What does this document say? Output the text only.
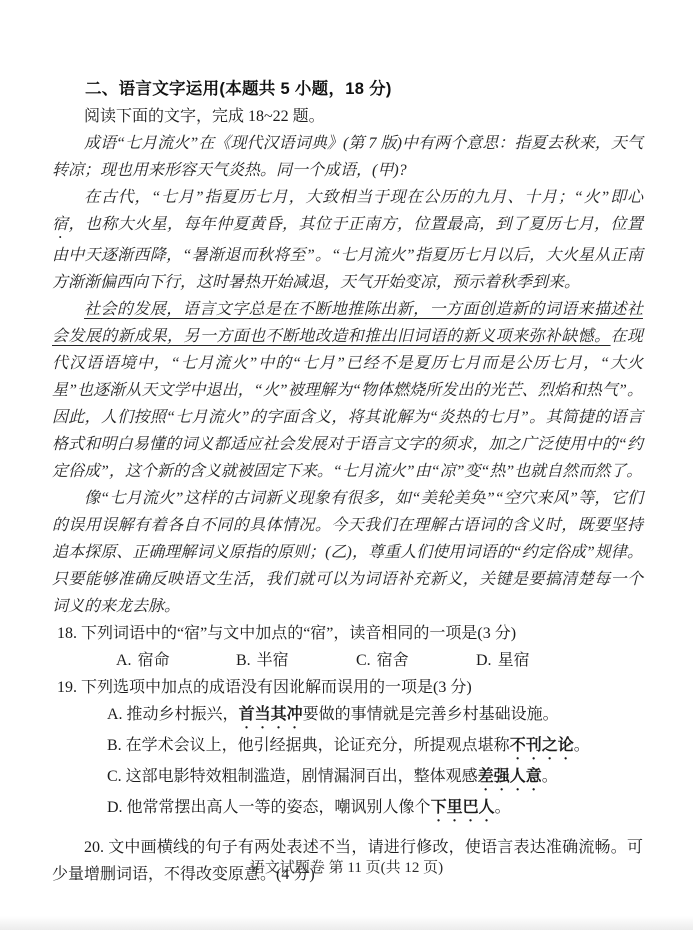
二、语言文字运用(本题共 5 小题，18 分)

阅读下面的文字，完成 18~22 题。

成语“七月流火”在《现代汉语词典》(第 7 版)中有两个意思：指夏去秋来，天气转凉；现也用来形容天气炎热。同一个成语，(甲)?

在古代，“七月”指夏历七月，大致相当于现在公历的九月、十月；“火”即心宿，也称大火星，每年仲夏黄昏，其位于正南方，位置最高，到了夏历七月，位置由中天逐渐西降，“暑渐退而秋将至”。“七月流火”指夏历七月以后，大火星从正南方渐渐偏西向下行，这时暑热开始减退，天气开始变凉，预示着秋季到来。

社会的发展，语言文字总是在不断地推陈出新，一方面创造新的词语来描述社会发展的新成果，另一方面也不断地改造和推出旧词语的新义项来弥补缺憾。在现代汉语语境中，“七月流火”中的“七月”已经不是夏历七月而是公历七月，“大火星”也逐渐从天文学中退出，“火”被理解为“物体燃烧所发出的光芒、烈焰和热气”。因此，人们按照“七月流火”的字面含义，将其讹解为“炎热的七月”。其简捷的语言格式和明白易懂的词义都适应社会发展对于语言文字的须求，加之广泛使用中的“约定俗成”，这个新的含义就被固定下来。“七月流火”由“凉”变“热”也就自然而然了。

像“七月流火”这样的古词新义现象有很多，如“美轮美奂”“空穴来风”等，它们的误用误解有着各自不同的具体情况。今天我们在理解古语词的含义时，既要坚持追本探原、正确理解词义原指的原则；(乙)，尊重人们使用词语的“约定俗成”规律。只要能够准确反映语文生活，我们就可以为词语补充新义，关键是要搞清楚每一个词义的来龙去脉。

18. 下列词语中的“宿”与文中加点的“宿”，读音相同的一项是(3 分)

A. 宿命	B. 半宿	C. 宿舍	D. 星宿

19. 下列选项中加点的成语没有因讹解而误用的一项是(3 分)

A. 推动乡村振兴，首当其冲要做的事情就是完善乡村基础设施。

B. 在学术会议上，他引经据典，论证充分，所提观点堪称不刊之论。

C. 这部电影特效粗制滥造，剧情漏洞百出，整体观感差强人意。

D. 他常常摆出高人一等的姿态，嘲讽别人像个下里巴人。

20. 文中画横线的句子有两处表述不当，请进行修改，使语言表达准确流畅。可少量增删词语，不得改变原意。(4 分)

语文试题卷 第 11 页(共 12 页)
